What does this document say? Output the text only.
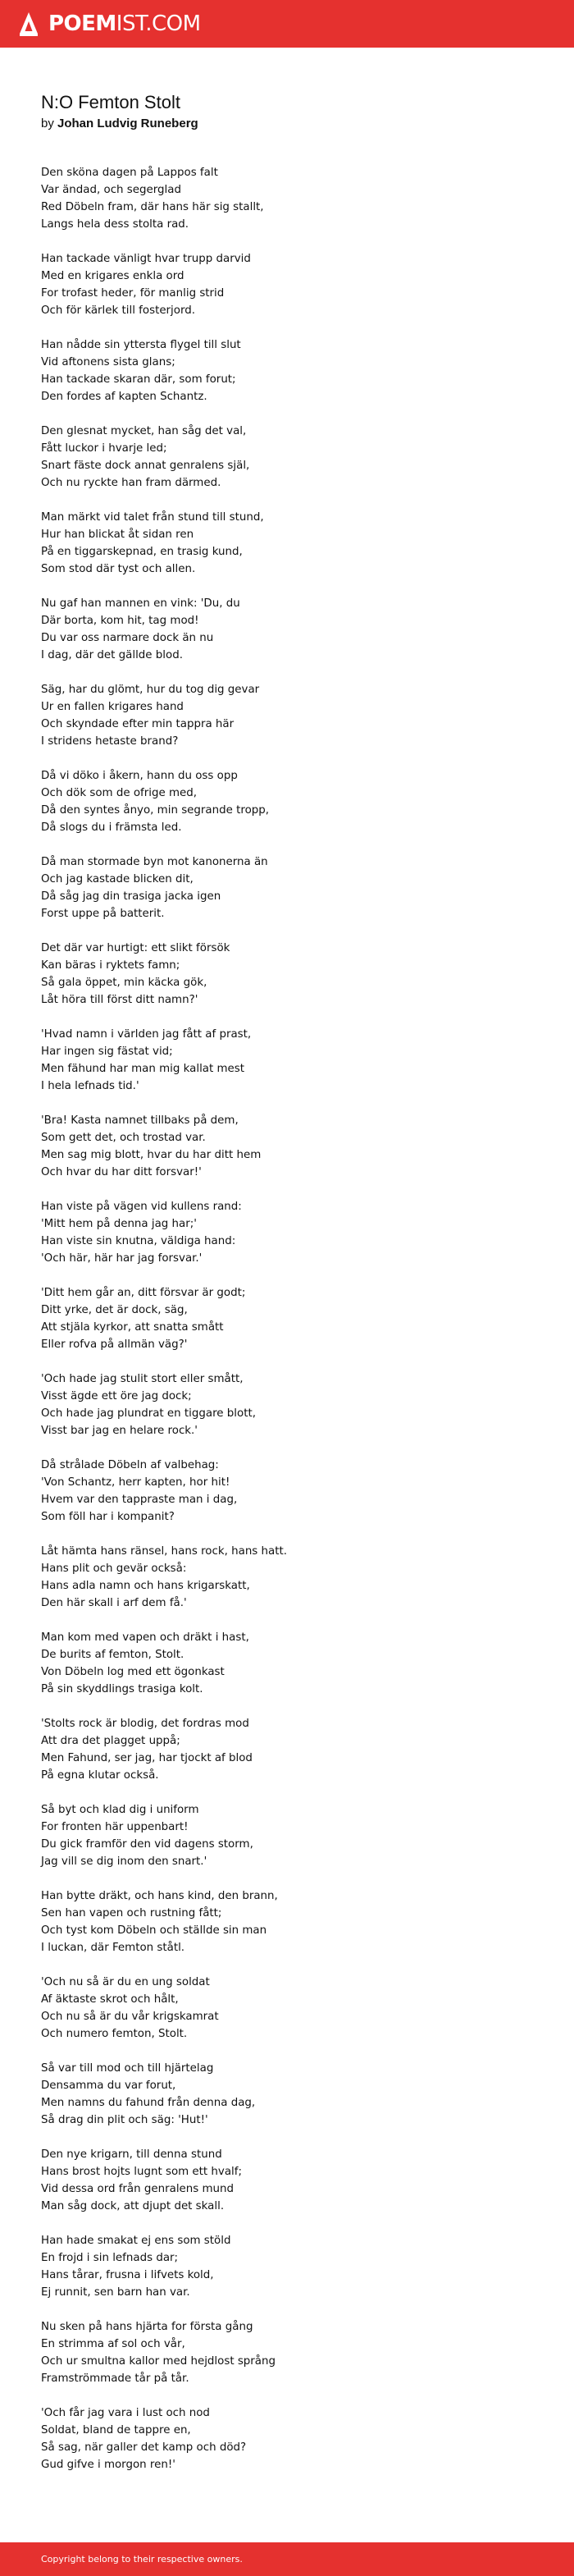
POEMIST.COM
N:O Femton Stolt
by Johan Ludvig Runeberg
Den sköna dagen på Lappos falt
Var ändad, och segerglad
Red Döbeln fram, där hans här sig stallt,
Langs hela dess stolta rad.
Han tackade vänligt hvar trupp darvid
Med en krigares enkla ord
For trofast heder, för manlig strid
Och för kärlek till fosterjord.
Han nådde sin yttersta flygel till slut
Vid aftonens sista glans;
Han tackade skaran där, som forut;
Den fordes af kapten Schantz.
Den glesnat mycket, han såg det val,
Fått luckor i hvarje led;
Snart fäste dock annat genralens själ,
Och nu ryckte han fram därmed.
Man märkt vid talet från stund till stund,
Hur han blickat åt sidan ren
På en tiggarskepnad, en trasig kund,
Som stod där tyst och allen.
Nu gaf han mannen en vink: 'Du, du
Där borta, kom hit, tag mod!
Du var oss narmare dock än nu
I dag, där det gällde blod.
Säg, har du glömt, hur du tog dig gevar
Ur en fallen krigares hand
Och skyndade efter min tappra här
I stridens hetaste brand?
Då vi döko i åkern, hann du oss opp
Och dök som de ofrige med,
Då den syntes ånyo, min segrande tropp,
Då slogs du i främsta led.
Då man stormade byn mot kanonerna än
Och jag kastade blicken dit,
Då såg jag din trasiga jacka igen
Forst uppe på batterit.
Det där var hurtigt: ett slikt försök
Kan bäras i ryktets famn;
Så gala öppet, min käcka gök,
Låt höra till först ditt namn?'
'Hvad namn i världen jag fått af prast,
Har ingen sig fästat vid;
Men fähund har man mig kallat mest
I hela lefnads tid.'
'Bra! Kasta namnet tillbaks på dem,
Som gett det, och trostad var.
Men sag mig blott, hvar du har ditt hem
Och hvar du har ditt forsvar!'
Han viste på vägen vid kullens rand:
'Mitt hem på denna jag har;'
Han viste sin knutna, väldiga hand:
'Och här, här har jag forsvar.'
'Ditt hem går an, ditt försvar är godt;
Ditt yrke, det är dock, säg,
Att stjäla kyrkor, att snatta smått
Eller rofva på allmän väg?'
'Och hade jag stulit stort eller smått,
Visst ägde ett öre jag dock;
Och hade jag plundrat en tiggare blott,
Visst bar jag en helare rock.'
Då strålade Döbeln af valbehag:
'Von Schantz, herr kapten, hor hit!
Hvem var den tappraste man i dag,
Som föll har i kompanit?
Låt hämta hans ränsel, hans rock, hans hatt.
Hans plit och gevär också:
Hans adla namn och hans krigarskatt,
Den här skall i arf dem få.'
Man kom med vapen och dräkt i hast,
De burits af femton, Stolt.
Von Döbeln log med ett ögonkast
På sin skyddlings trasiga kolt.
'Stolts rock är blodig, det fordras mod
Att dra det plagget uppå;
Men Fahund, ser jag, har tjockt af blod
På egna klutar också.
Så byt och klad dig i uniform
For fronten här uppenbart!
Du gick framför den vid dagens storm,
Jag vill se dig inom den snart.'
Han bytte dräkt, och hans kind, den brann,
Sen han vapen och rustning fått;
Och tyst kom Döbeln och ställde sin man
I luckan, där Femton ståtl.
'Och nu så är du en ung soldat
Af äktaste skrot och hålt,
Och nu så är du vår krigskamrat
Och numero femton, Stolt.
Så var till mod och till hjärtelag
Densamma du var forut,
Men namns du fahund från denna dag,
Så drag din plit och säg: 'Hut!'
Den nye krigarn, till denna stund
Hans brost hojts lugnt som ett hvalf;
Vid dessa ord från genralens mund
Man såg dock, att djupt det skall.
Han hade smakat ej ens som stöld
En frojd i sin lefnads dar;
Hans tårar, frusna i lifvets kold,
Ej runnit, sen barn han var.
Nu sken på hans hjärta for första gång
En strimma af sol och vår,
Och ur smultna kallor med hejdlost språng
Framströmmade tår på tår.
'Och får jag vara i lust och nod
Soldat, bland de tappre en,
Så sag, när galler det kamp och död?
Gud gifve i morgon ren!'
Copyright belong to their respective owners.
